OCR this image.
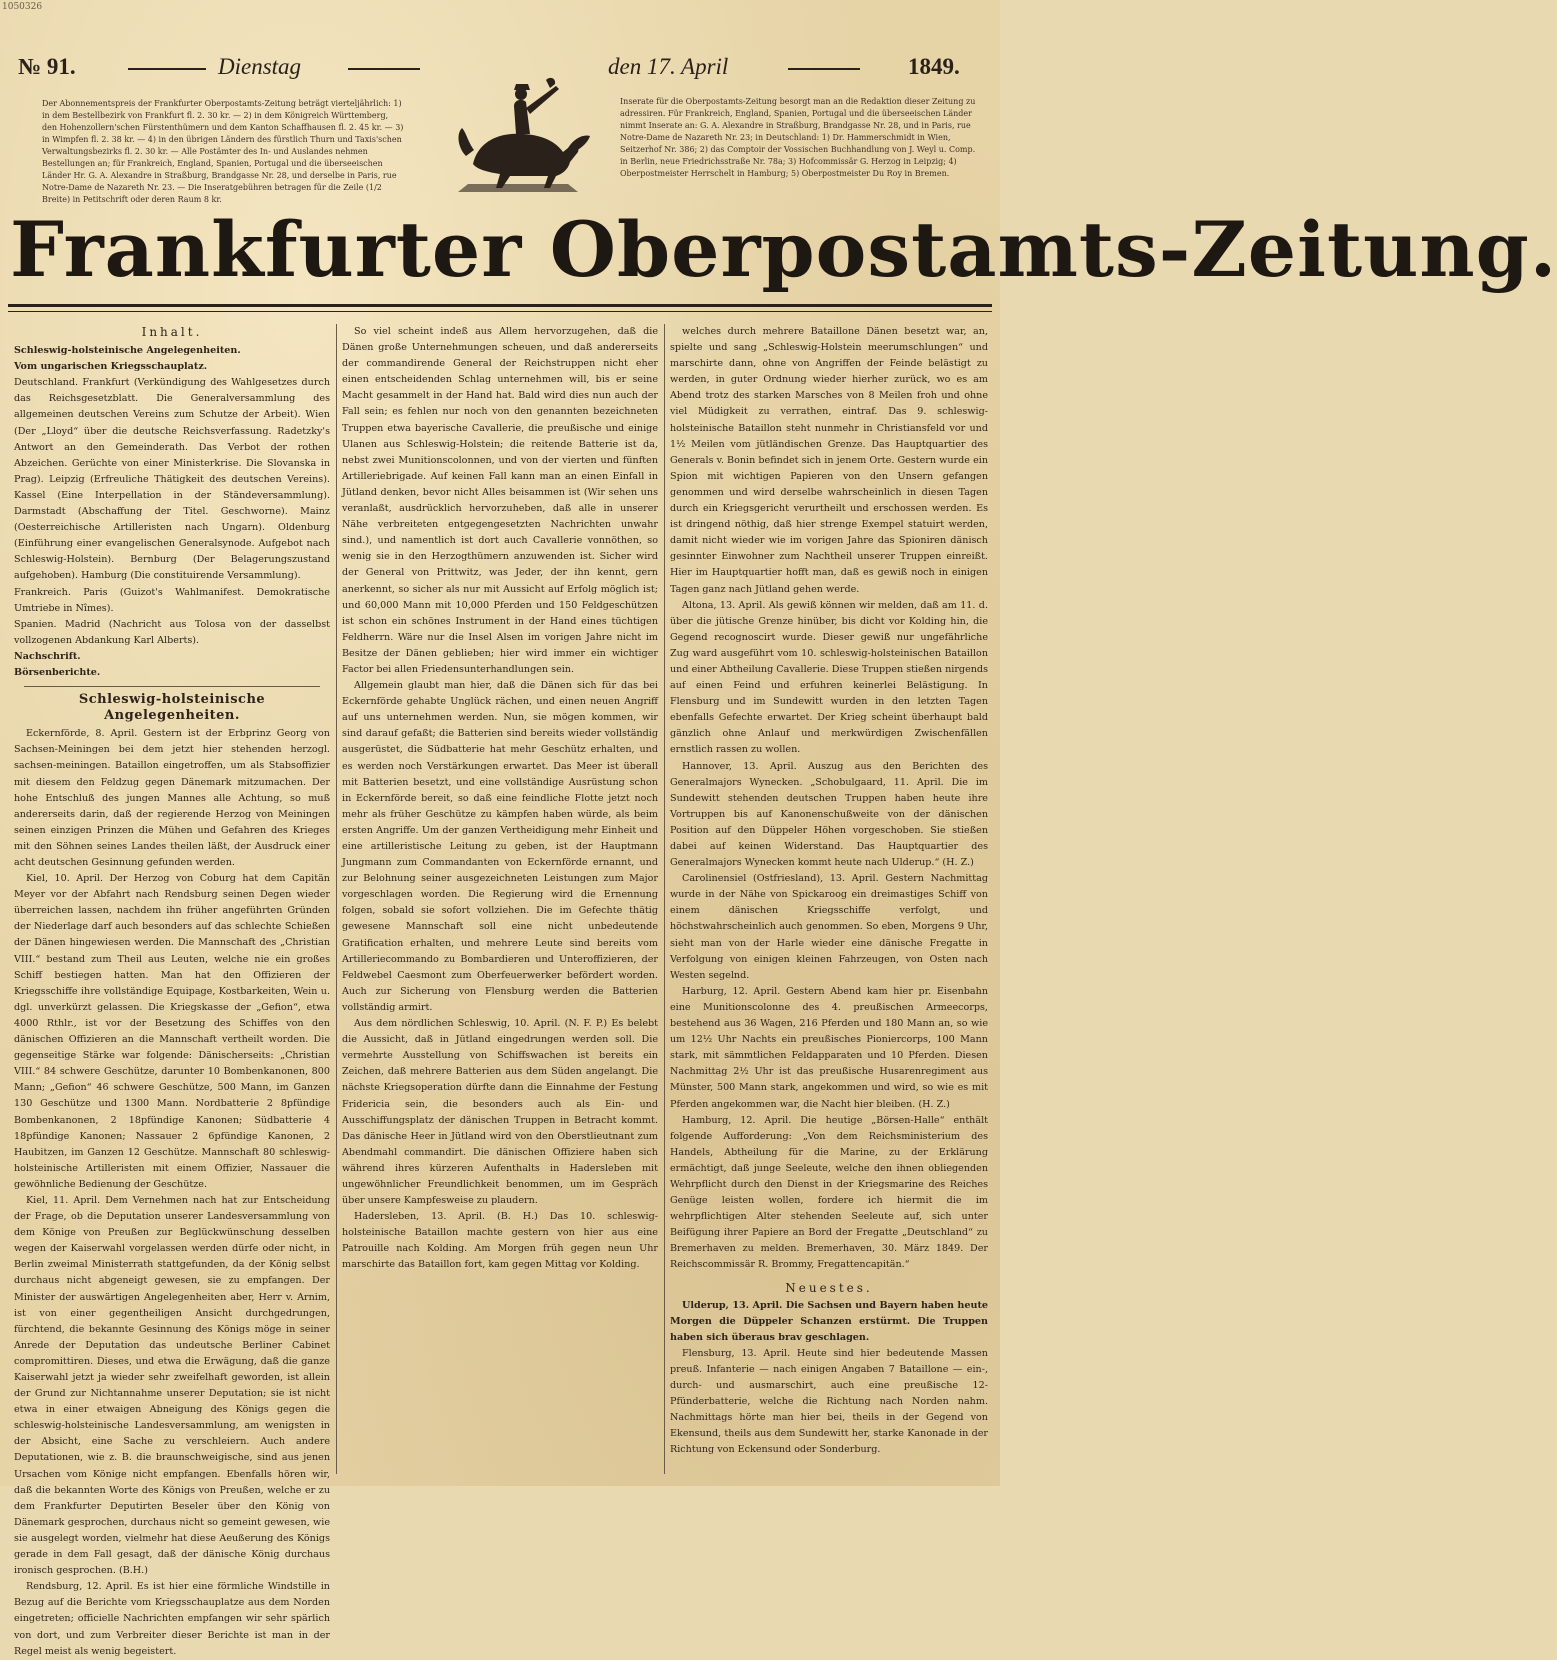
1050326
№ 91.	Dienstag	den 17. April	1849.
Der Abonnementspreis der Frankfurter Oberpostamts-Zeitung beträgt vierteljährlich: 1) in dem Bestellbezirk von Frankfurt fl. 2. 30 kr. — 2) in dem Königreich Württemberg, den Hohenzollern'schen Fürstenthümern und dem Kanton Schaffhausen fl. 2. 45 kr. — 3) in Wimpfen fl. 2. 38 kr. — 4) in den übrigen Ländern des fürstlich Thurn und Taxis'schen Verwaltungsbezirks fl. 2. 30 kr. — Alle Postämter des In- und Auslandes nehmen Bestellungen an; für Frankreich, England, Spanien, Portugal und die überseeischen Länder Hr. G. A. Alexandre in Straßburg, Brandgasse Nr. 28, und derselbe in Paris, rue Notre-Dame de Nazareth Nr. 23. — Die Inseratgebühren betragen für die Zeile (1/2 Breite) in Petitschrift oder deren Raum 8 kr.
Inserate für die Oberpostamts-Zeitung besorgt man an die Redaktion dieser Zeitung zu adressiren. Für Frankreich, England, Spanien, Portugal und die überseeischen Länder nimmt Inserate an: G. A. Alexandre in Straßburg, Brandgasse Nr. 28, und in Paris, rue Notre-Dame de Nazareth Nr. 23; in Deutschland: 1) Dr. Hammerschmidt in Wien, Seitzerhof Nr. 386; 2) das Comptoir der Vossischen Buchhandlung von J. Weyl u. Comp. in Berlin, neue Friedrichsstraße Nr. 78a; 3) Hofcommissär G. Herzog in Leipzig; 4) Oberpostmeister Herrschelt in Hamburg; 5) Oberpostmeister Du Roy in Bremen.
Frankfurter Oberpostamts-Zeitung.
Inhalt.

Schleswig-holsteinische Angelegenheiten.

Vom ungarischen Kriegsschauplatz.

Deutschland. Frankfurt (Verkündigung des Wahlgesetzes durch das Reichsgesetzblatt. Die Generalversammlung des allgemeinen deutschen Vereins zum Schutze der Arbeit). Wien (Der „Lloyd“ über die deutsche Reichsverfassung. Radetzky's Antwort an den Gemeinderath. Das Verbot der rothen Abzeichen. Gerüchte von einer Ministerkrise. Die Slovanska in Prag). Leipzig (Erfreuliche Thätigkeit des deutschen Vereins). Kassel (Eine Interpellation in der Ständeversammlung). Darmstadt (Abschaffung der Titel. Geschworne). Mainz (Oesterreichische Artilleristen nach Ungarn). Oldenburg (Einführung einer evangelischen Generalsynode. Aufgebot nach Schleswig-Holstein). Bernburg (Der Belagerungszustand aufgehoben). Hamburg (Die constituirende Versammlung).

Frankreich. Paris (Guizot's Wahlmanifest. Demokratische Umtriebe in Nîmes).

Spanien. Madrid (Nachricht aus Tolosa von der dasselbst vollzogenen Abdankung Karl Alberts).

Nachschrift.

Börsenberichte.

Schleswig-holsteinische Angelegenheiten.

Eckernförde, 8. April. Gestern ist der Erbprinz Georg von Sachsen-Meiningen bei dem jetzt hier stehenden herzogl. sachsen-meiningen. Bataillon eingetroffen, um als Stabsoffizier mit diesem den Feldzug gegen Dänemark mitzumachen. Der hohe Entschluß des jungen Mannes alle Achtung, so muß andererseits darin, daß der regierende Herzog von Meiningen seinen einzigen Prinzen die Mühen und Gefahren des Krieges mit den Söhnen seines Landes theilen läßt, der Ausdruck einer acht deutschen Gesinnung gefunden werden.

Kiel, 10. April. Der Herzog von Coburg hat dem Capitän Meyer vor der Abfahrt nach Rendsburg seinen Degen wieder überreichen lassen, nachdem ihn früher angeführten Gründen der Niederlage darf auch besonders auf das schlechte Schießen der Dänen hingewiesen werden. Die Mannschaft des „Christian VIII.“ bestand zum Theil aus Leuten, welche nie ein großes Schiff bestiegen hatten. Man hat den Offizieren der Kriegsschiffe ihre vollständige Equipage, Kostbarkeiten, Wein u. dgl. unverkürzt gelassen. Die Kriegskasse der „Gefion“, etwa 4000 Rthlr., ist vor der Besetzung des Schiffes von den dänischen Offizieren an die Mannschaft vertheilt worden. Die gegenseitige Stärke war folgende: Dänischerseits: „Christian VIII.“ 84 schwere Geschütze, darunter 10 Bombenkanonen, 800 Mann; „Gefion“ 46 schwere Geschütze, 500 Mann, im Ganzen 130 Geschütze und 1300 Mann. Nordbatterie 2 8pfündige Bombenkanonen, 2 18pfündige Kanonen; Südbatterie 4 18pfündige Kanonen; Nassauer 2 6pfündige Kanonen, 2 Haubitzen, im Ganzen 12 Geschütze. Mannschaft 80 schleswig-holsteinische Artilleristen mit einem Offizier, Nassauer die gewöhnliche Bedienung der Geschütze.

Kiel, 11. April. Dem Vernehmen nach hat zur Entscheidung der Frage, ob die Deputation unserer Landesversammlung von dem Könige von Preußen zur Beglückwünschung desselben wegen der Kaiserwahl vorgelassen werden dürfe oder nicht, in Berlin zweimal Ministerrath stattgefunden, da der König selbst durchaus nicht abgeneigt gewesen, sie zu empfangen. Der Minister der auswärtigen Angelegenheiten aber, Herr v. Arnim, ist von einer gegentheiligen Ansicht durchgedrungen, fürchtend, die bekannte Gesinnung des Königs möge in seiner Anrede der Deputation das undeutsche Berliner Cabinet compromittiren. Dieses, und etwa die Erwägung, daß die ganze Kaiserwahl jetzt ja wieder sehr zweifelhaft geworden, ist allein der Grund zur Nichtannahme unserer Deputation; sie ist nicht etwa in einer etwaigen Abneigung des Königs gegen die schleswig-holsteinische Landesversammlung, am wenigsten in der Absicht, eine Sache zu verschleiern. Auch andere Deputationen, wie z. B. die braunschweigische, sind aus jenen Ursachen vom Könige nicht empfangen. Ebenfalls hören wir, daß die bekannten Worte des Königs von Preußen, welche er zu dem Frankfurter Deputirten Beseler über den König von Dänemark gesprochen, durchaus nicht so gemeint gewesen, wie sie ausgelegt worden, vielmehr hat diese Aeußerung des Königs gerade in dem Fall gesagt, daß der dänische König durchaus ironisch gesprochen. (B.H.)

Rendsburg, 12. April. Es ist hier eine förmliche Windstille in Bezug auf die Berichte vom Kriegsschauplatze aus dem Norden eingetreten; officielle Nachrichten empfangen wir sehr spärlich von dort, und zum Verbreiter dieser Berichte ist man in der Regel meist als wenig begeistert.

So viel scheint indeß aus Allem hervorzugehen, daß die Dänen große Unternehmungen scheuen, und daß andererseits der commandirende General der Reichstruppen nicht eher einen entscheidenden Schlag unternehmen will, bis er seine Macht gesammelt in der Hand hat. Bald wird dies nun auch der Fall sein; es fehlen nur noch von den genannten bezeichneten Truppen etwa bayerische Cavallerie, die preußische und einige Ulanen aus Schleswig-Holstein; die reitende Batterie ist da, nebst zwei Munitionscolonnen, und von der vierten und fünften Artilleriebrigade. Auf keinen Fall kann man an einen Einfall in Jütland denken, bevor nicht Alles beisammen ist (Wir sehen uns veranlaßt, ausdrücklich hervorzuheben, daß alle in unserer Nähe verbreiteten entgegengesetzten Nachrichten unwahr sind.), und namentlich ist dort auch Cavallerie vonnöthen, so wenig sie in den Herzogthümern anzuwenden ist. Sicher wird der General von Prittwitz, was Jeder, der ihn kennt, gern anerkennt, so sicher als nur mit Aussicht auf Erfolg möglich ist; und 60,000 Mann mit 10,000 Pferden und 150 Feldgeschützen ist schon ein schönes Instrument in der Hand eines tüchtigen Feldherrn. Wäre nur die Insel Alsen im vorigen Jahre nicht im Besitze der Dänen geblieben; hier wird immer ein wichtiger Factor bei allen Friedensunterhandlungen sein.

Allgemein glaubt man hier, daß die Dänen sich für das bei Eckernförde gehabte Unglück rächen, und einen neuen Angriff auf uns unternehmen werden. Nun, sie mögen kommen, wir sind darauf gefaßt; die Batterien sind bereits wieder vollständig ausgerüstet, die Südbatterie hat mehr Geschütz erhalten, und es werden noch Verstärkungen erwartet. Das Meer ist überall mit Batterien besetzt, und eine vollständige Ausrüstung schon in Eckernförde bereit, so daß eine feindliche Flotte jetzt noch mehr als früher Geschütze zu kämpfen haben würde, als beim ersten Angriffe. Um der ganzen Vertheidigung mehr Einheit und eine artilleristische Leitung zu geben, ist der Hauptmann Jungmann zum Commandanten von Eckernförde ernannt, und zur Belohnung seiner ausgezeichneten Leistungen zum Major vorgeschlagen worden. Die Regierung wird die Ernennung folgen, sobald sie sofort vollziehen. Die im Gefechte thätig gewesene Mannschaft soll eine nicht unbedeutende Gratification erhalten, und mehrere Leute sind bereits vom Artilleriecommando zu Bombardieren und Unteroffizieren, der Feldwebel Caesmont zum Oberfeuerwerker befördert worden. Auch zur Sicherung von Flensburg werden die Batterien vollständig armirt.

Aus dem nördlichen Schleswig, 10. April. (N. F. P.) Es belebt die Aussicht, daß in Jütland eingedrungen werden soll. Die vermehrte Ausstellung von Schiffswachen ist bereits ein Zeichen, daß mehrere Batterien aus dem Süden angelangt. Die nächste Kriegsoperation dürfte dann die Einnahme der Festung Fridericia sein, die besonders auch als Ein- und Ausschiffungsplatz der dänischen Truppen in Betracht kommt. Das dänische Heer in Jütland wird von den Oberstlieutnant zum Abendmahl commandirt. Die dänischen Offiziere haben sich während ihres kürzeren Aufenthalts in Hadersleben mit ungewöhnlicher Freundlichkeit benommen, um im Gespräch über unsere Kampfesweise zu plaudern.

Hadersleben, 13. April. (B. H.) Das 10. schleswig-holsteinische Bataillon machte gestern von hier aus eine Patrouille nach Kolding. Am Morgen früh gegen neun Uhr marschirte das Bataillon fort, kam gegen Mittag vor Kolding.

welches durch mehrere Bataillone Dänen besetzt war, an, spielte und sang „Schleswig-Holstein meerumschlungen“ und marschirte dann, ohne von Angriffen der Feinde belästigt zu werden, in guter Ordnung wieder hierher zurück, wo es am Abend trotz des starken Marsches von 8 Meilen froh und ohne viel Müdigkeit zu verrathen, eintraf. Das 9. schleswig-holsteinische Bataillon steht nunmehr in Christiansfeld vor und 1½ Meilen vom jütländischen Grenze. Das Hauptquartier des Generals v. Bonin befindet sich in jenem Orte. Gestern wurde ein Spion mit wichtigen Papieren von den Unsern gefangen genommen und wird derselbe wahrscheinlich in diesen Tagen durch ein Kriegsgericht verurtheilt und erschossen werden. Es ist dringend nöthig, daß hier strenge Exempel statuirt werden, damit nicht wieder wie im vorigen Jahre das Spioniren dänisch gesinnter Einwohner zum Nachtheil unserer Truppen einreißt. Hier im Hauptquartier hofft man, daß es gewiß noch in einigen Tagen ganz nach Jütland gehen werde.

Altona, 13. April. Als gewiß können wir melden, daß am 11. d. über die jütische Grenze hinüber, bis dicht vor Kolding hin, die Gegend recognoscirt wurde. Dieser gewiß nur ungefährliche Zug ward ausgeführt vom 10. schleswig-holsteinischen Bataillon und einer Abtheilung Cavallerie. Diese Truppen stießen nirgends auf einen Feind und erfuhren keinerlei Belästigung. In Flensburg und im Sundewitt wurden in den letzten Tagen ebenfalls Gefechte erwartet. Der Krieg scheint überhaupt bald gänzlich ohne Anlauf und merkwürdigen Zwischenfällen ernstlich rassen zu wollen.

Hannover, 13. April. Auszug aus den Berichten des Generalmajors Wynecken. „Schobulgaard, 11. April. Die im Sundewitt stehenden deutschen Truppen haben heute ihre Vortruppen bis auf Kanonenschußweite von der dänischen Position auf den Düppeler Höhen vorgeschoben. Sie stießen dabei auf keinen Widerstand. Das Hauptquartier des Generalmajors Wynecken kommt heute nach Ulderup.“ (H. Z.)

Carolinensiel (Ostfriesland), 13. April. Gestern Nachmittag wurde in der Nähe von Spickaroog ein dreimastiges Schiff von einem dänischen Kriegsschiffe verfolgt, und höchstwahrscheinlich auch genommen. So eben, Morgens 9 Uhr, sieht man von der Harle wieder eine dänische Fregatte in Verfolgung von einigen kleinen Fahrzeugen, von Osten nach Westen segelnd.

Harburg, 12. April. Gestern Abend kam hier pr. Eisenbahn eine Munitionscolonne des 4. preußischen Armeecorps, bestehend aus 36 Wagen, 216 Pferden und 180 Mann an, so wie um 12½ Uhr Nachts ein preußisches Pioniercorps, 100 Mann stark, mit sämmtlichen Feldapparaten und 10 Pferden. Diesen Nachmittag 2½ Uhr ist das preußische Husarenregiment aus Münster, 500 Mann stark, angekommen und wird, so wie es mit Pferden angekommen war, die Nacht hier bleiben. (H. Z.)

Hamburg, 12. April. Die heutige „Börsen-Halle“ enthält folgende Aufforderung: „Von dem Reichsministerium des Handels, Abtheilung für die Marine, zu der Erklärung ermächtigt, daß junge Seeleute, welche den ihnen obliegenden Wehrpflicht durch den Dienst in der Kriegsmarine des Reiches Genüge leisten wollen, fordere ich hiermit die im wehrpflichtigen Alter stehenden Seeleute auf, sich unter Beifügung ihrer Papiere an Bord der Fregatte „Deutschland“ zu Bremerhaven zu melden. Bremerhaven, 30. März 1849. Der Reichscommissär R. Brommy, Fregattencapitän.“

Neuestes.

Ulderup, 13. April. Die Sachsen und Bayern haben heute Morgen die Düppeler Schanzen erstürmt. Die Truppen haben sich überaus brav geschlagen.

Flensburg, 13. April. Heute sind hier bedeutende Massen preuß. Infanterie — nach einigen Angaben 7 Bataillone — ein-, durch- und ausmarschirt, auch eine preußische 12-Pfünderbatterie, welche die Richtung nach Norden nahm. Nachmittags hörte man hier bei, theils in der Gegend von Ekensund, theils aus dem Sundewitt her, starke Kanonade in der Richtung von Eckensund oder Sonderburg.
